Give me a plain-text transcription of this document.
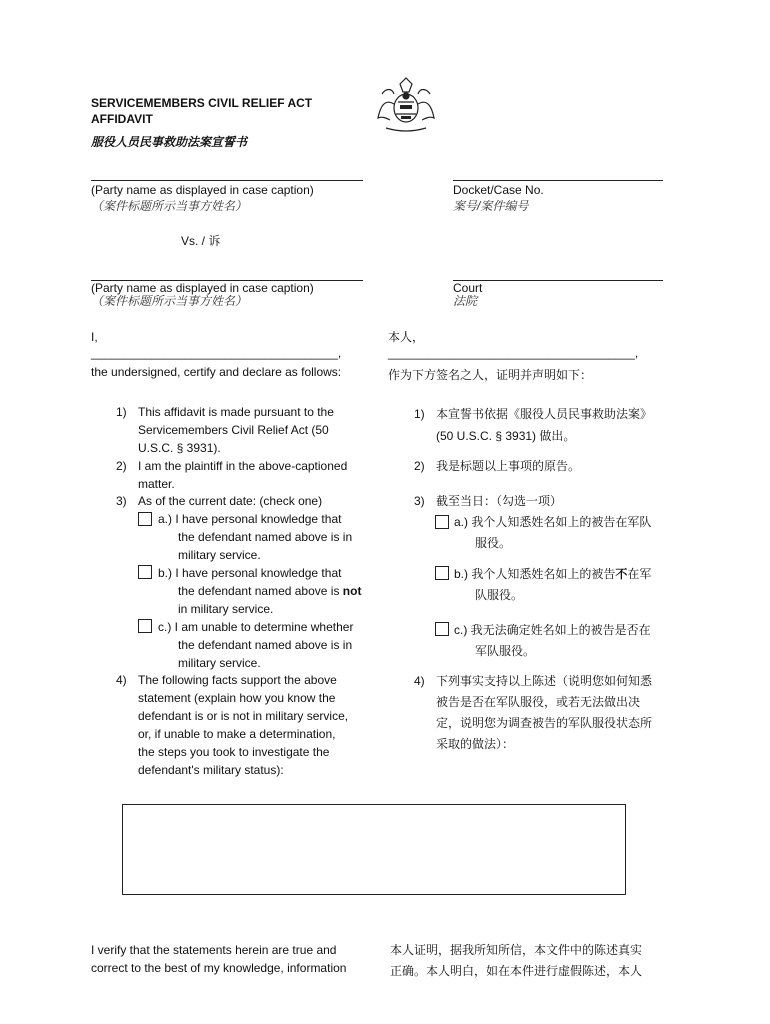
SERVICEMEMBERS CIVIL RELIEF ACT AFFIDAVIT
服役人员民事救助法案宣誓书
(Party name as displayed in case caption)
（案件标题所示当事方姓名）
Docket/Case No.
案号/案件编号
Vs. / 诉
(Party name as displayed in case caption)
（案件标题所示当事方姓名）
Court
法院
I,	本人，
_____________________________________,	_____________________________________,
the undersigned, certify and declare as follows:	作为下方签名之人，证明并声明如下：
1) This affidavit is made pursuant to the
Servicemembers Civil Relief Act (50
U.S.C. § 3931).
2) I am the plaintiff in the above-captioned
matter.
3) As of the current date: (check one)
a.) I have personal knowledge that
the defendant named above is in
military service.
b.) I have personal knowledge that
the defendant named above is not
in military service.
c.) I am unable to determine whether
the defendant named above is in
military service.
4) The following facts support the above
statement (explain how you know the
defendant is or is not in military service,
or, if unable to make a determination,
the steps you took to investigate the
defendant's military status):
1) 本宣誓书依据《服役人员民事救助法案》
(50 U.S.C. § 3931) 做出。
2) 我是标题以上事项的原告。
3) 截至当日：（勾选一项）
a.) 我个人知悉姓名如上的被告在军队
服役。
b.) 我个人知悉姓名如上的被告不在军
队服役。
c.) 我无法确定姓名如上的被告是否在
军队服役。
4) 下列事实支持以上陈述（说明您如何知悉
被告是否在军队服役，或若无法做出决
定，说明您为调查被告的军队服役状态所
采取的做法）：
I verify that the statements herein are true and
correct to the best of my knowledge, information
本人证明，据我所知所信，本文件中的陈述真实
正确。本人明白，如在本件进行虚假陈述，本人
